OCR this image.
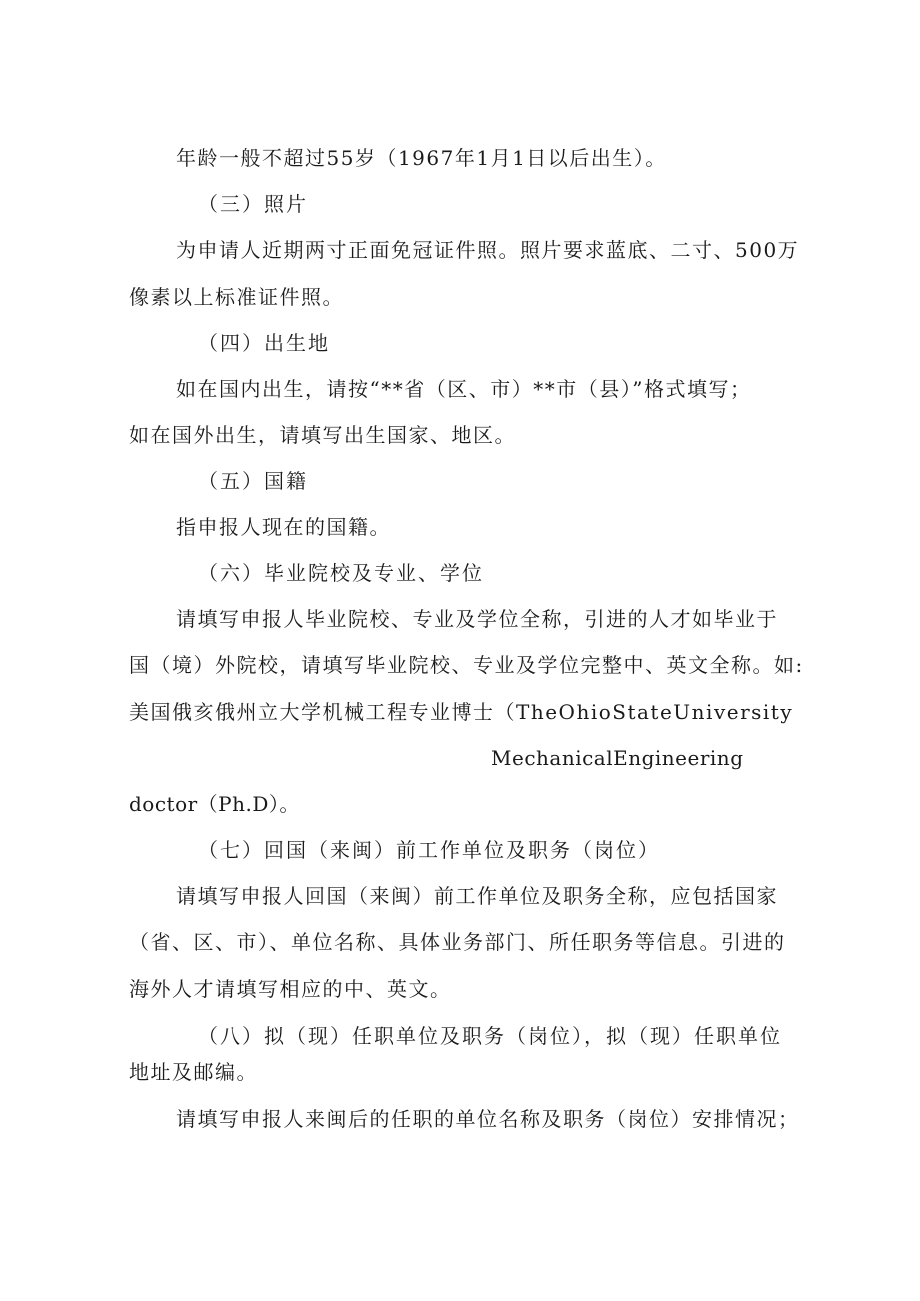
年龄一般不超过55岁（1967年1月1日以后出生）。
（三）照片
为申请人近期两寸正面免冠证件照。照片要求蓝底、二寸、500万
像素以上标准证件照。
（四）出生地
如在国内出生，请按“**省（区、市）**市（县）”格式填写；
如在国外出生，请填写出生国家、地区。
（五）国籍
指申报人现在的国籍。
（六）毕业院校及专业、学位
请填写申报人毕业院校、专业及学位全称，引进的人才如毕业于
国（境）外院校，请填写毕业院校、专业及学位完整中、英文全称。如:
美国俄亥俄州立大学机械工程专业博士（TheOhioStateUniversity
MechanicalEngineering
doctor（Ph.D）。
（七）回国（来闽）前工作单位及职务（岗位）
请填写申报人回国（来闽）前工作单位及职务全称，应包括国家
（省、区、市）、单位名称、具体业务部门、所任职务等信息。引进的
海外人才请填写相应的中、英文。
（八）拟（现）任职单位及职务（岗位），拟（现）任职单位
地址及邮编。
请填写申报人来闽后的任职的单位名称及职务（岗位）安排情况；
